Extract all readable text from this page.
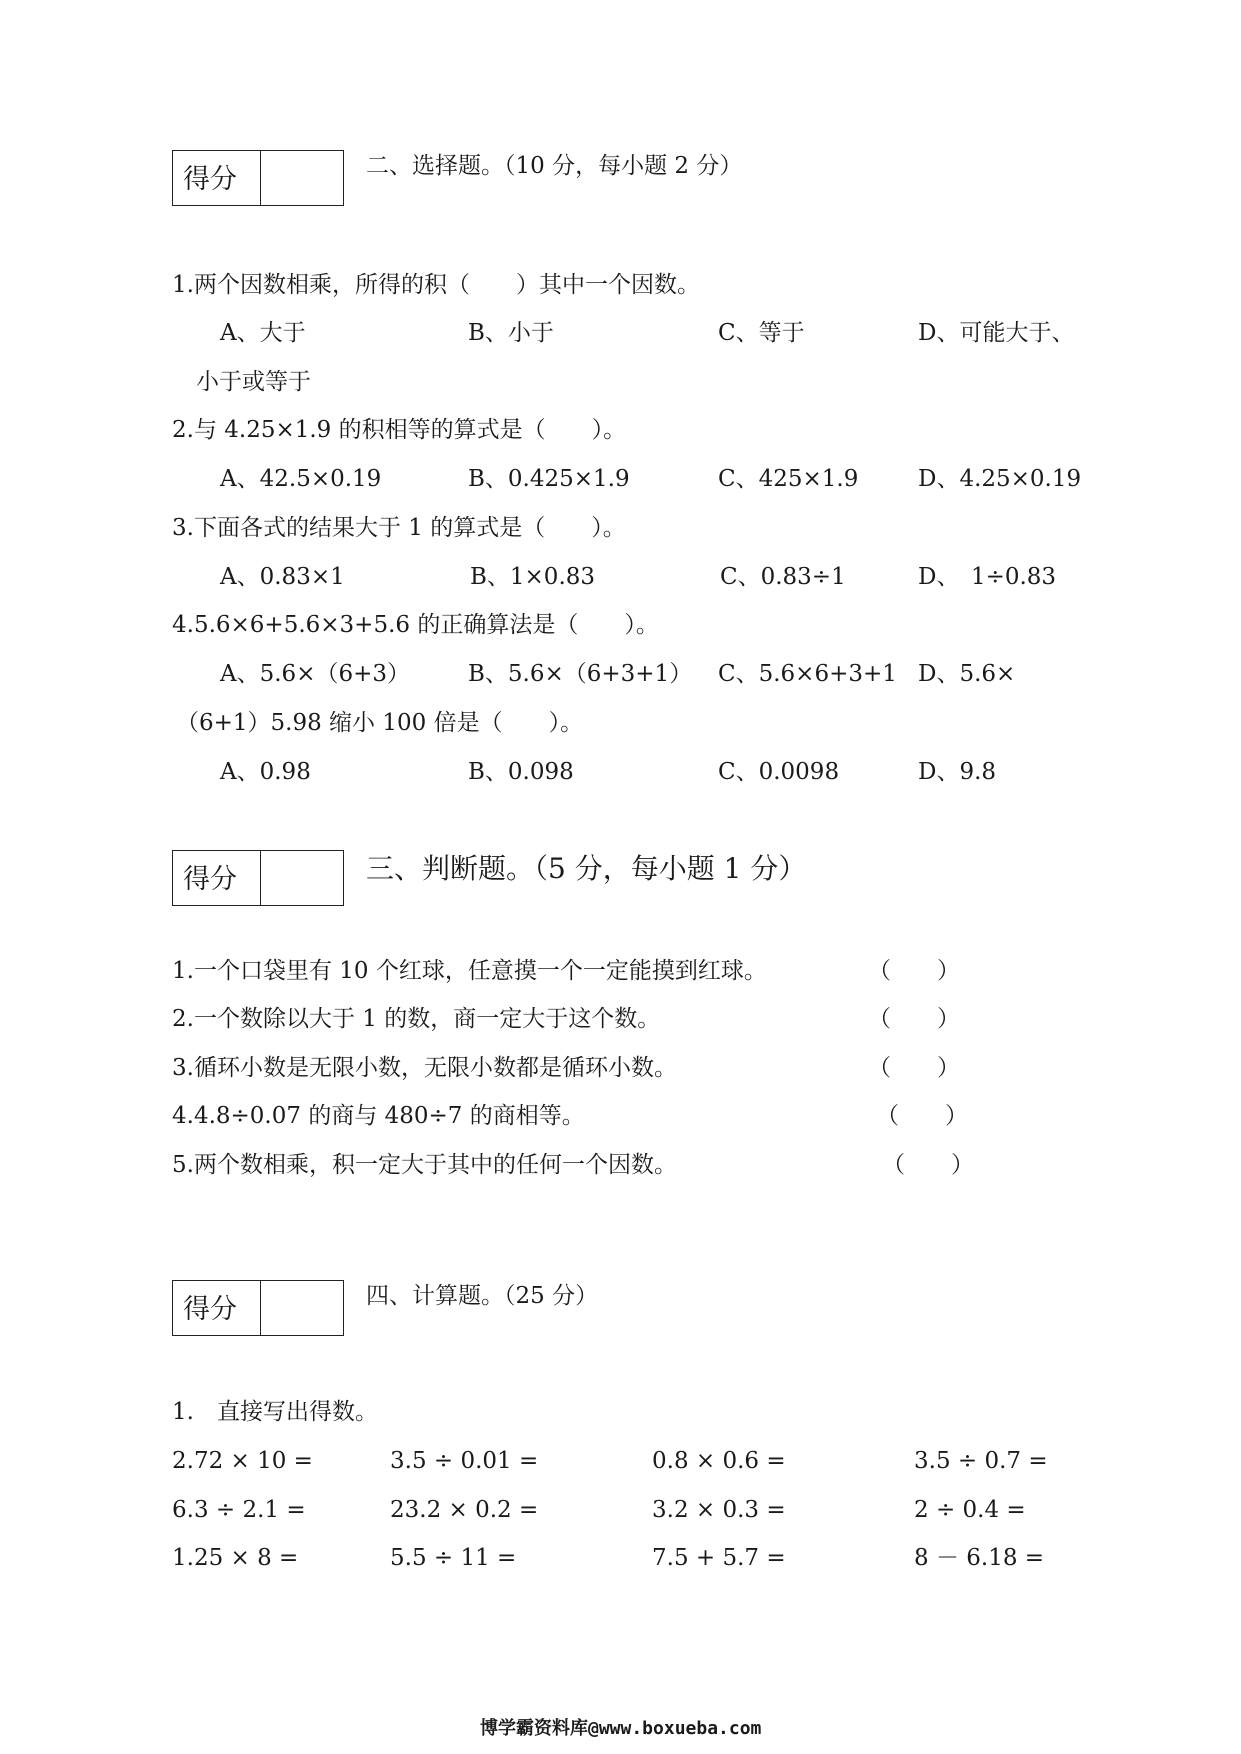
得分	二、选择题。（10 分，每小题 2 分）
1.两个因数相乘，所得的积（　　）其中一个因数。
A、大于	B、小于	C、等于	D、可能大于、
小于或等于
2.与 4.25×1.9 的积相等的算式是（　　）。
A、42.5×0.19	B、0.425×1.9	C、425×1.9	D、4.25×0.19
3.下面各式的结果大于 1 的算式是（　　）。
A、0.83×1	B、1×0.83	C、0.83÷1	D、　1÷0.83
4.5.6×6+5.6×3+5.6 的正确算法是（　　）。
A、5.6×（6+3）	B、5.6×（6+3+1） C、5.6×6+3+1 D、5.6×
（6+1）5.98 缩小 100 倍是（　　）。
A、0.98	B、0.098	C、0.0098	D、9.8
得分	三、判断题。（5 分，每小题 1 分）
1.一个口袋里有 10 个红球，任意摸一个一定能摸到红球。	（　　）
2.一个数除以大于 1 的数，商一定大于这个数。	（　　）
3.循环小数是无限小数，无限小数都是循环小数。	（　　）
4.4.8÷0.07 的商与 480÷7 的商相等。	（　　）
5.两个数相乘，积一定大于其中的任何一个因数。	（　　）
得分	四、计算题。（25 分）
1.　直接写出得数。
2.72 × 10 =	3.5 ÷ 0.01 =	0.8 × 0.6 =	3.5 ÷ 0.7 =
6.3 ÷ 2.1 =	23.2 × 0.2 =	3.2 × 0.3 =	2 ÷ 0.4 =
1.25 × 8 =	5.5 ÷ 11 =	7.5 + 5.7 =	8 － 6.18 =
博学霸资料库@www.boxueba.com
